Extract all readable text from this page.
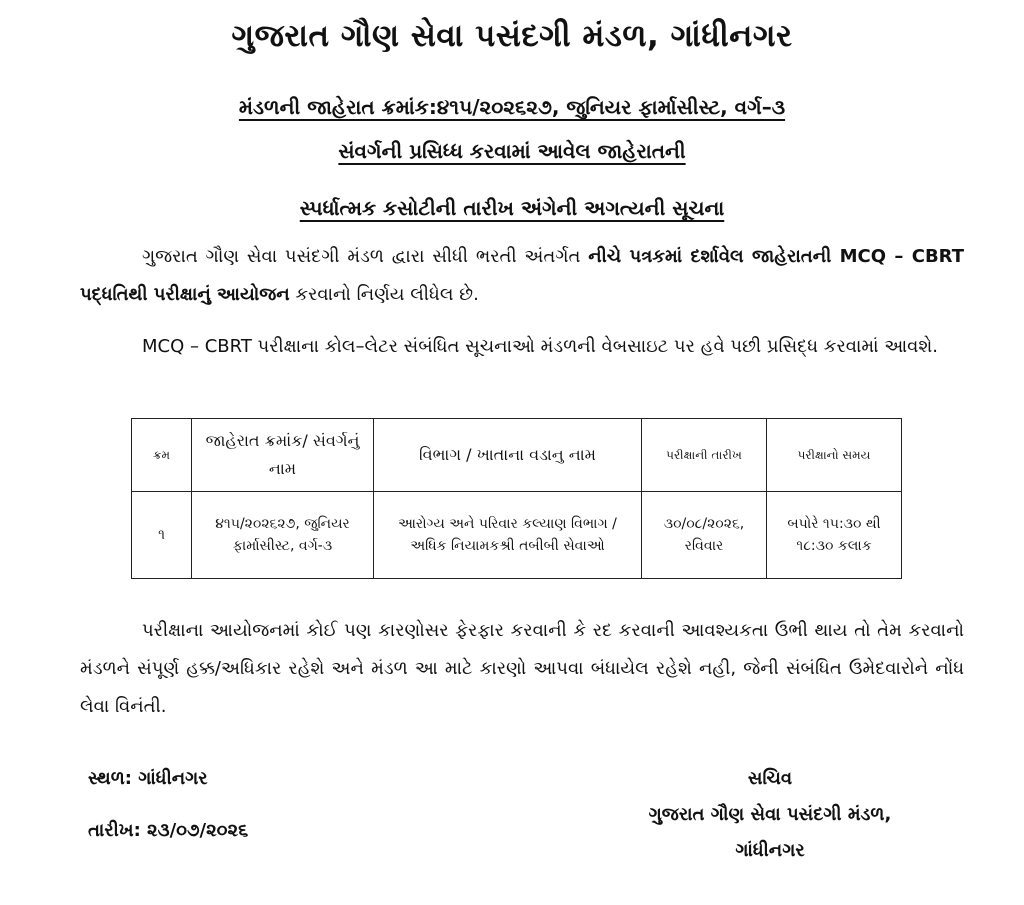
ગુજરાત ગૌણ સેવા પસંદગી મંડળ, ગાંધીનગર
મંડળની જાહેરાત ક્રમાંક:૪૧૫/૨૦૨૬૨૭, જુનિયર ફાર્માસીસ્ટ, વર્ગ–૩
સંવર્ગની પ્રસિધ્ધ કરવામાં આવેલ જાહેરાતની
સ્પર્ધાત્મક કસોટીની તારીખ અંગેની અગત્યની સૂચના
ગુજરાત ગૌણ સેવા પસંદગી મંડળ દ્વારા સીધી ભરતી અંતર્ગત નીચે પત્રકમાં દર્શાવેલ જાહેરાતની MCQ – CBRT પદ્ધતિથી પરીક્ષાનું આયોજન કરવાનો નિર્ણય લીધેલ છે.
MCQ – CBRT પરીક્ષાના કોલ–લેટર સંબંધિત સૂચનાઓ મંડળની વેબસાઇટ પર હવે પછી પ્રસિદ્ધ કરવામાં આવશે.
ક્રમ	જાહેરાત ક્રમાંક/ સંવર્ગનું નામ	વિભાગ / ખાતાના વડાનુ નામ	પરીક્ષાની તારીખ	પરીક્ષાનો સમય
૧	૪૧૫/૨૦૨૬૨૭, જુનિયર ફાર્માસીસ્ટ, વર્ગ-૩	આરોગ્ય અને પરિવાર કલ્યાણ વિભાગ / અધિક નિયામકશ્રી તબીબી સેવાઓ	૩૦/૦૮/૨૦૨૬, રવિવાર	બપોરે ૧૫:૩૦ થી ૧૮:૩૦ કલાક
પરીક્ષાના આયોજનમાં કોઈ પણ કારણોસર ફેરફાર કરવાની કે રદ કરવાની આવશ્યકતા ઉભી થાય તો તેમ કરવાનો મંડળને સંપૂર્ણ હક્ક/અધિકાર રહેશે અને મંડળ આ માટે કારણો આપવા બંધાયેલ રહેશે નહી, જેની સંબંધિત ઉમેદવારોને નોંધ લેવા વિનંતી.
સ્થળ: ગાંધીનગર
તારીખ: ૨૩/૦૭/૨૦૨૬
સચિવ
ગુજરાત ગૌણ સેવા પસંદગી મંડળ,
ગાંધીનગર
